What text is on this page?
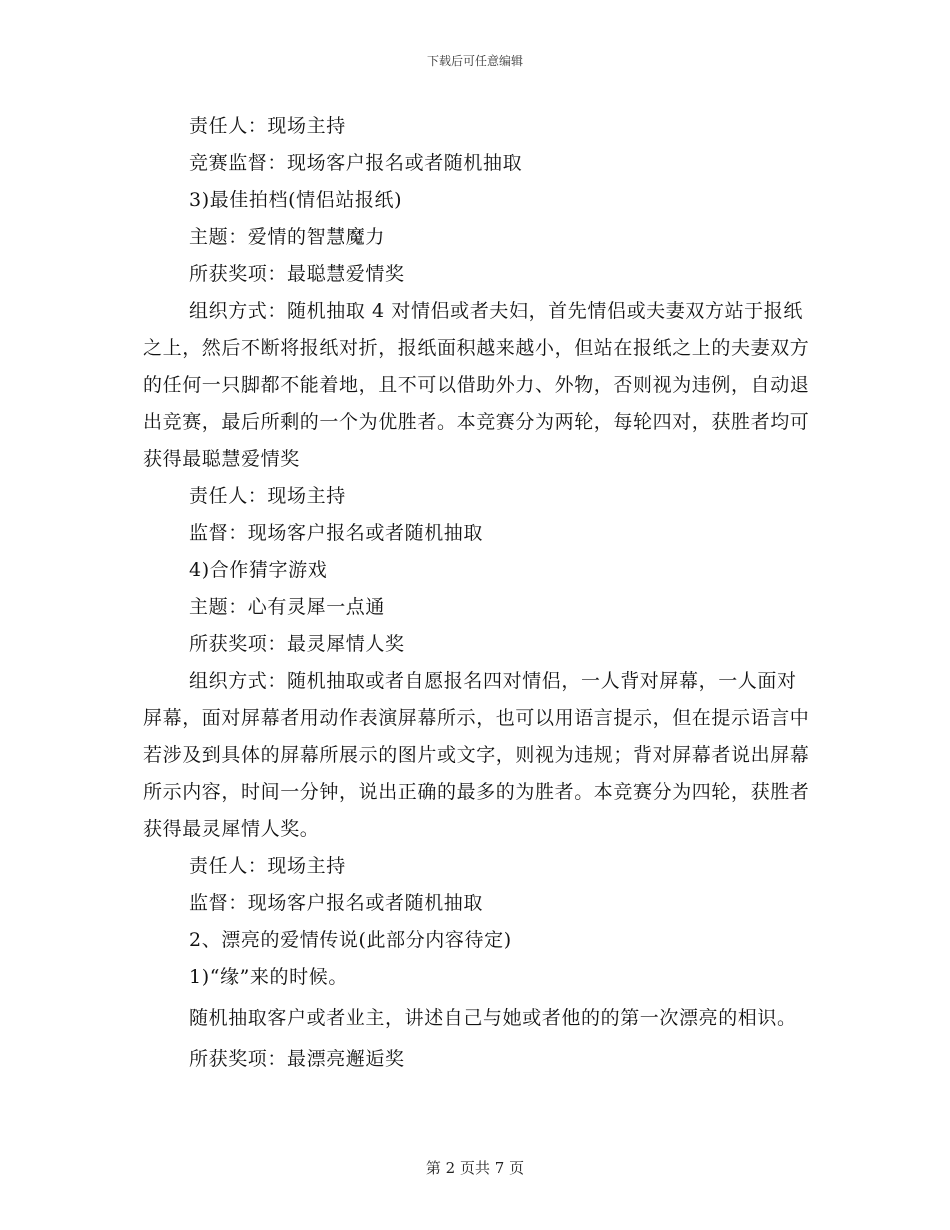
下载后可任意编辑
责任人：现场主持
竞赛监督：现场客户报名或者随机抽取
3)最佳拍档(情侣站报纸)
主题：爱情的智慧魔力
所获奖项：最聪慧爱情奖
组织方式：随机抽取 4 对情侣或者夫妇，首先情侣或夫妻双方站于报纸之上，然后不断将报纸对折，报纸面积越来越小，但站在报纸之上的夫妻双方的任何一只脚都不能着地，且不可以借助外力、外物，否则视为违例，自动退出竞赛，最后所剩的一个为优胜者。本竞赛分为两轮，每轮四对，获胜者均可获得最聪慧爱情奖
责任人：现场主持
监督：现场客户报名或者随机抽取
4)合作猜字游戏
主题：心有灵犀一点通
所获奖项：最灵犀情人奖
组织方式：随机抽取或者自愿报名四对情侣，一人背对屏幕，一人面对屏幕，面对屏幕者用动作表演屏幕所示，也可以用语言提示，但在提示语言中若涉及到具体的屏幕所展示的图片或文字，则视为违规；背对屏幕者说出屏幕所示内容，时间一分钟，说出正确的最多的为胜者。本竞赛分为四轮，获胜者获得最灵犀情人奖。
责任人：现场主持
监督：现场客户报名或者随机抽取
2、漂亮的爱情传说(此部分内容待定)
1)“缘”来的时候。
随机抽取客户或者业主，讲述自己与她或者他的的第一次漂亮的相识。
所获奖项：最漂亮邂逅奖
第 2 页共 7 页
